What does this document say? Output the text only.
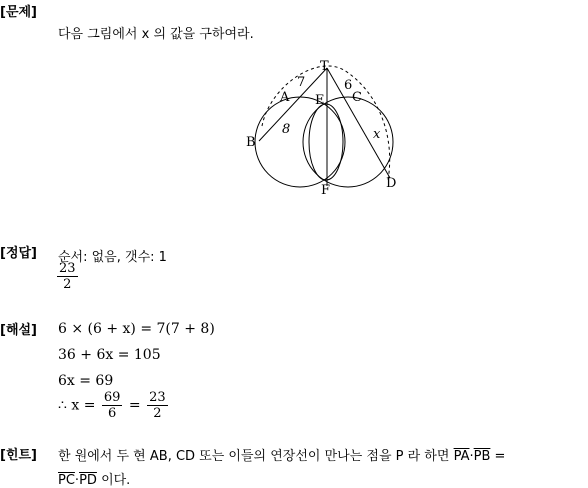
[문제]
다음 그림에서 x 의 값을 구하여라.
T
A E C
B
F	D
7
8
6
x
[정답] 순서: 없음, 갯수: 1
$\frac{23}{2}$
[해설] 6 × (6 + x) = 7(7 + 8)
36 + 6x = 105
6x = 69
∴ $x = \frac{69}{6} = \frac{23}{2}$
[힌트] 한 원에서 두 현 AB, CD 또는 이들의 연장선이 만나는 점을 P 라 하면 $\overline{PA}\cdot\overline{PB}$ =
$\overline{PC}\cdot\overline{PD}$ 이다.
